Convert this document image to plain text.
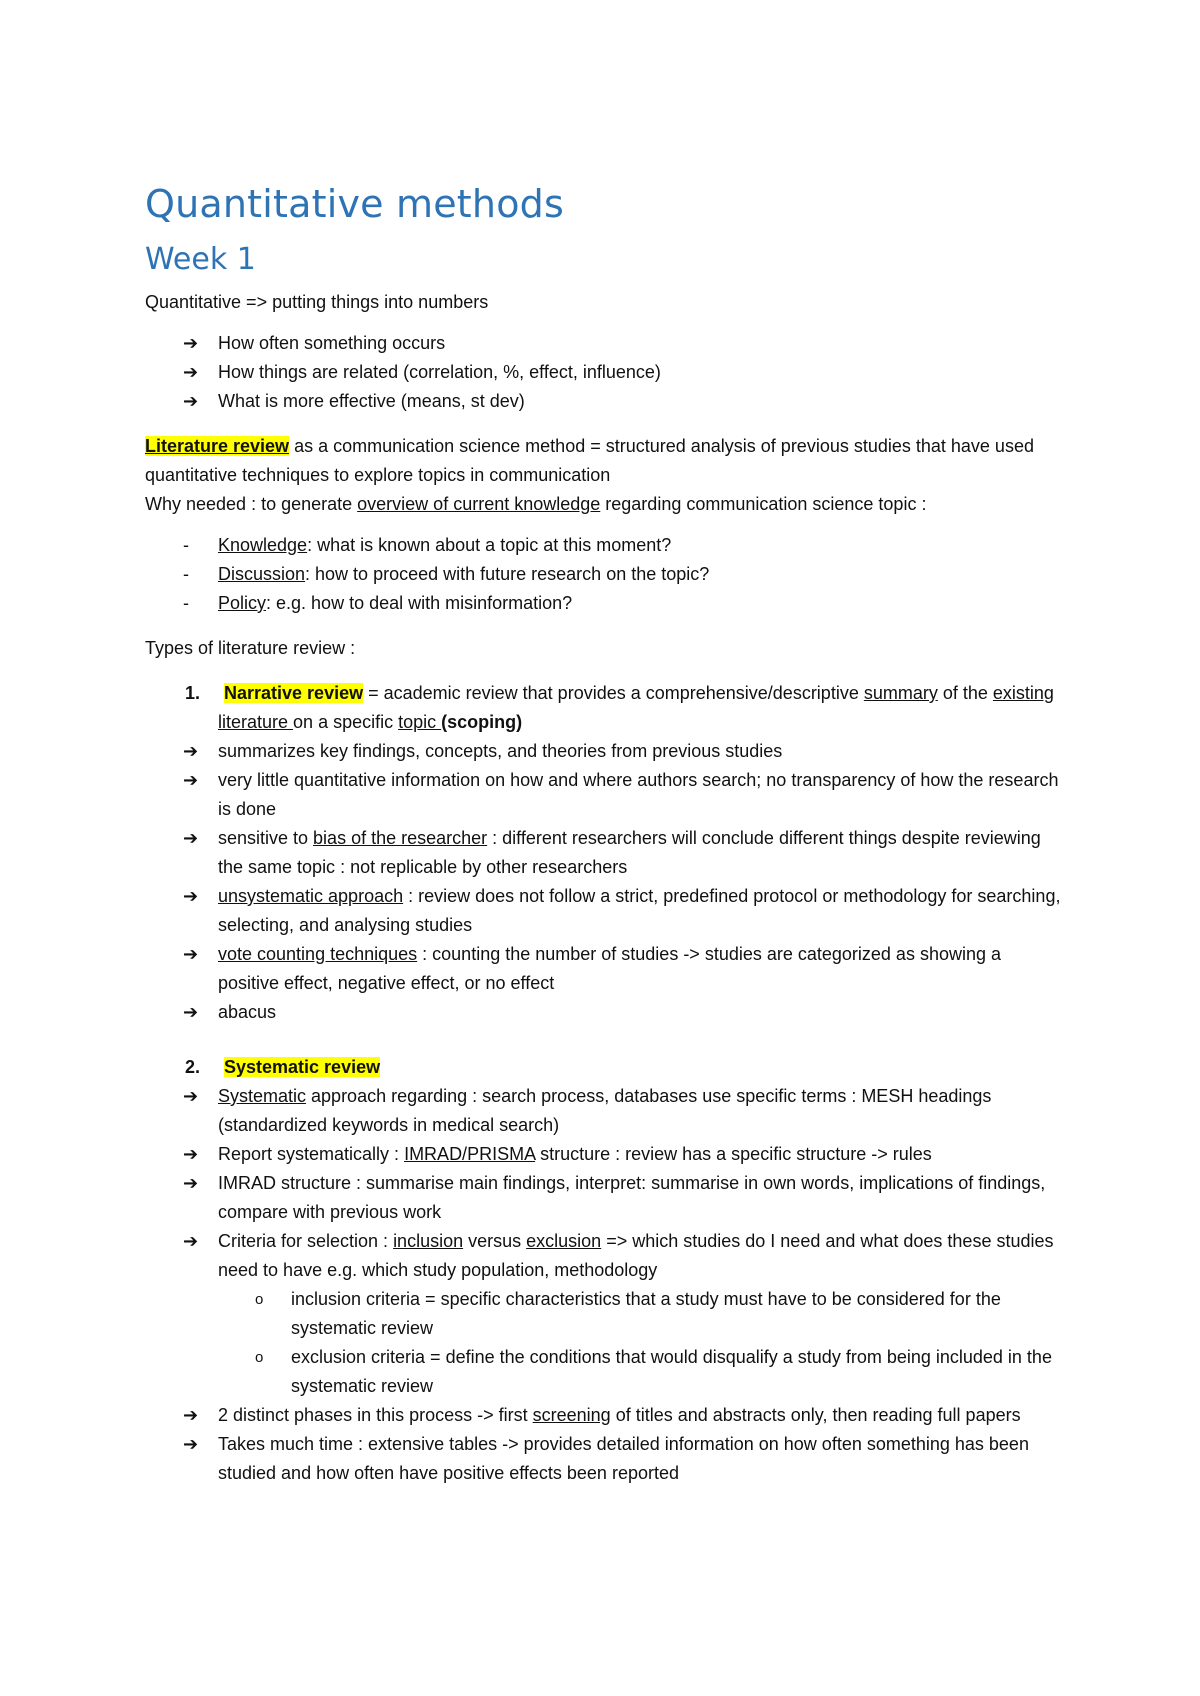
Quantitative methods
Week 1

Quantitative => putting things into numbers

➔	How often something occurs
➔	How things are related (correlation, %, effect, influence)
➔	What is more effective (means, st dev)

Literature review as a communication science method = structured analysis of previous studies that have used quantitative techniques to explore topics in communication

Why needed : to generate overview of current knowledge regarding communication science topic :

- Knowledge: what is known about a topic at this moment?
- Discussion: how to proceed with future research on the topic?
- Policy: e.g. how to deal with misinformation?

Types of literature review :

1. Narrative review = academic review that provides a comprehensive/descriptive summary of the existing literature on a specific topic (scoping)
➔	summarizes key findings, concepts, and theories from previous studies
➔	very little quantitative information on how and where authors search; no transparency of how the research is done
➔	sensitive to bias of the researcher : different researchers will conclude different things despite reviewing the same topic : not replicable by other researchers
➔	unsystematic approach : review does not follow a strict, predefined protocol or methodology for searching, selecting, and analysing studies
➔	vote counting techniques : counting the number of studies -> studies are categorized as showing a positive effect, negative effect, or no effect
➔	abacus
2. Systematic review
➔	Systematic approach regarding : search process, databases use specific terms : MESH headings (standardized keywords in medical search)
➔	Report systematically : IMRAD/PRISMA structure : review has a specific structure -> rules
➔	IMRAD structure : summarise main findings, interpret: summarise in own words, implications of findings, compare with previous work
➔	Criteria for selection : inclusion versus exclusion => which studies do I need and what does these studies need to have e.g. which study population, methodology
o inclusion criteria = specific characteristics that a study must have to be considered for the systematic review
o exclusion criteria = define the conditions that would disqualify a study from being included in the systematic review
➔	2 distinct phases in this process -> first screening of titles and abstracts only, then reading full papers
➔	Takes much time : extensive tables -> provides detailed information on how often something has been studied and how often have positive effects been reported
